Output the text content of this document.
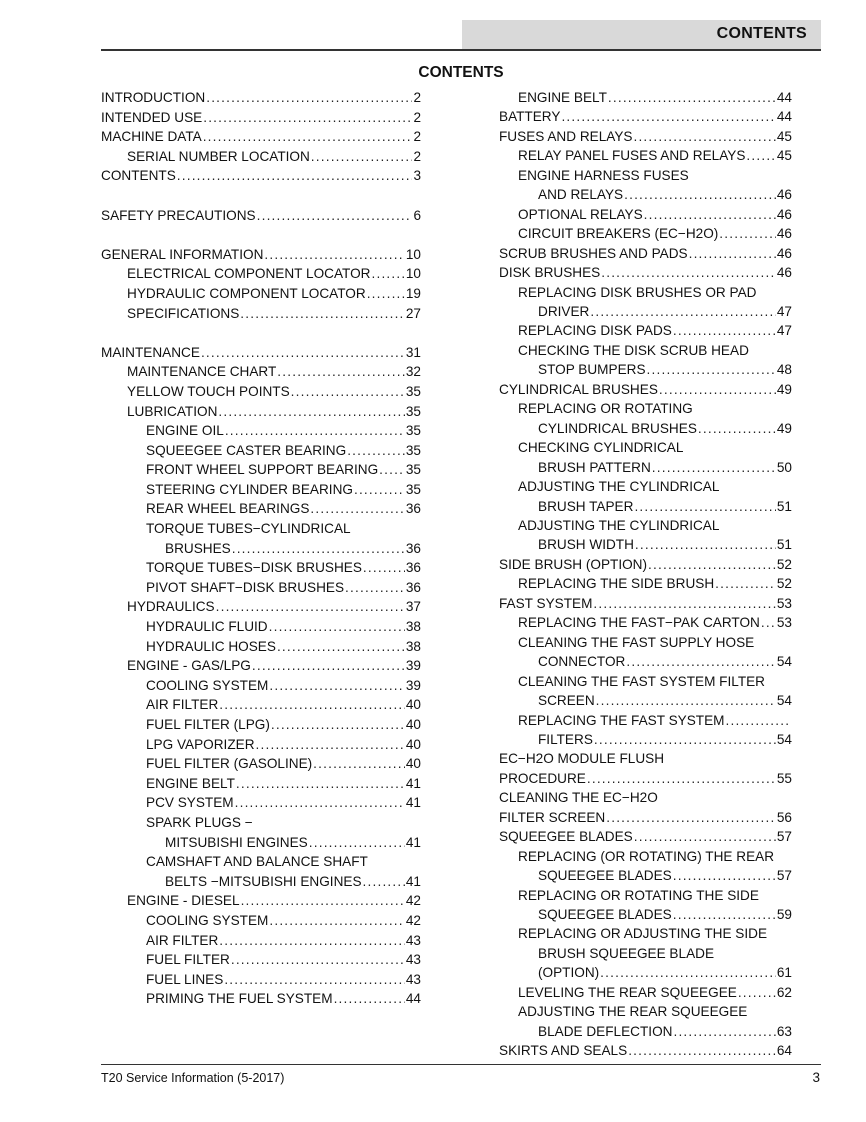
CONTENTS
CONTENTS
INTRODUCTION .....	2
INTENDED USE .....	2
MACHINE DATA .....	2
SERIAL NUMBER LOCATION .....	2
CONTENTS .....	3
SAFETY PRECAUTIONS .....	6
GENERAL INFORMATION .....	10
ELECTRICAL COMPONENT LOCATOR .....	10
HYDRAULIC COMPONENT LOCATOR .....	19
SPECIFICATIONS .....	27
MAINTENANCE .....	31
MAINTENANCE CHART .....	32
YELLOW TOUCH POINTS .....	35
LUBRICATION .....	35
ENGINE OIL .....	35
SQUEEGEE CASTER BEARING .....	35
FRONT WHEEL SUPPORT BEARING ..... 35
STEERING CYLINDER BEARING .....	35
REAR WHEEL BEARINGS .....	36
TORQUE TUBES−CYLINDRICAL
BRUSHES .....	36
TORQUE TUBES−DISK BRUSHES .....	36
PIVOT SHAFT−DISK BRUSHES .....	36
HYDRAULICS .....	37
HYDRAULIC FLUID .....	38
HYDRAULIC HOSES .....	38
ENGINE - GAS/LPG .....	39
COOLING SYSTEM .....	39
AIR FILTER .....	40
FUEL FILTER (LPG) .....	40
LPG VAPORIZER .....	40
FUEL FILTER (GASOLINE) .....	40
ENGINE BELT .....	41
PCV SYSTEM .....	41
SPARK PLUGS −
MITSUBISHI ENGINES .....	41
CAMSHAFT AND BALANCE SHAFT
BELTS −MITSUBISHI ENGINES .....	41
ENGINE - DIESEL .....	42
COOLING SYSTEM .....	42
AIR FILTER .....	43
FUEL FILTER .....	43
FUEL LINES .....	43
PRIMING THE FUEL SYSTEM .....	44
ENGINE BELT .....	44
BATTERY .....	44
FUSES AND RELAYS .....	45
RELAY PANEL FUSES AND RELAYS ..... 45
ENGINE HARNESS FUSES
AND RELAYS .....	46
OPTIONAL RELAYS .....	46
CIRCUIT BREAKERS (EC−H2O) .....	46
SCRUB BRUSHES AND PADS .....	46
DISK BRUSHES .....	46
REPLACING DISK BRUSHES OR PAD
DRIVER .....	47
REPLACING DISK PADS .....	47
CHECKING THE DISK SCRUB HEAD
STOP BUMPERS .....	48
CYLINDRICAL BRUSHES .....	49
REPLACING OR ROTATING
CYLINDRICAL BRUSHES .....	49
CHECKING CYLINDRICAL
BRUSH PATTERN .....	50
ADJUSTING THE CYLINDRICAL
BRUSH TAPER .....	51
ADJUSTING THE CYLINDRICAL
BRUSH WIDTH .....	51
SIDE BRUSH (OPTION) .....	52
REPLACING THE SIDE BRUSH .....	52
FAST SYSTEM .....	53
REPLACING THE FAST−PAK CARTON ..... 53
CLEANING THE FAST SUPPLY HOSE
CONNECTOR .....	54
CLEANING THE FAST SYSTEM FILTER
SCREEN .....	54
REPLACING THE FAST SYSTEM
.....
FILTERS .....	54
EC−H2O MODULE FLUSH
PROCEDURE .....	55
CLEANING THE EC−H2O
FILTER SCREEN .....	56
SQUEEGEE BLADES .....	57
REPLACING (OR ROTATING) THE REAR
SQUEEGEE BLADES .....	57
REPLACING OR ROTATING THE SIDE
SQUEEGEE BLADES .....	59
REPLACING OR ADJUSTING THE SIDE
BRUSH SQUEEGEE BLADE
(OPTION) .....	61
LEVELING THE REAR SQUEEGEE .....	62
ADJUSTING THE REAR SQUEEGEE
BLADE DEFLECTION .....	63
SKIRTS AND SEALS .....	64
T20 Service Information (5-2017)	3
